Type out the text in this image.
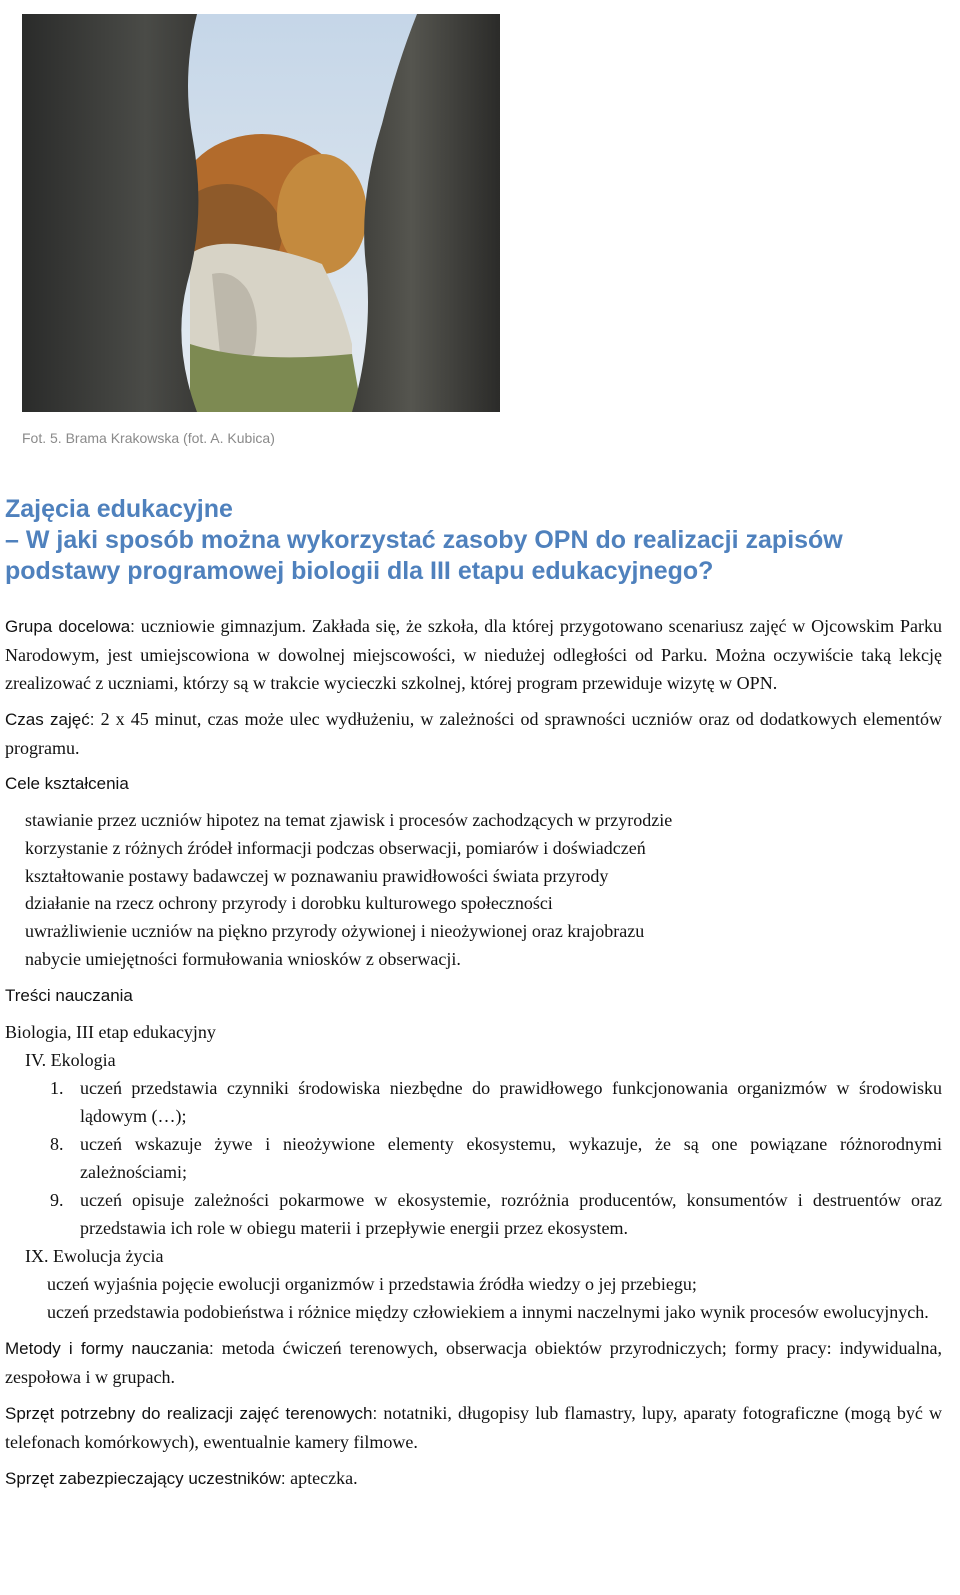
Fot. 5. Brama Krakowska (fot. A. Kubica)
Zajęcia edukacyjne
– W jaki sposób można wykorzystać zasoby OPN do realizacji zapisów
podstawy programowej biologii dla III etapu edukacyjnego?

Grupa docelowa: uczniowie gimnazjum. Zakłada się, że szkoła, dla której przygotowano scenariusz zajęć w Ojcowskim Parku Narodowym, jest umiejscowiona w dowolnej miejscowości, w niedużej odległości od Parku. Można oczywiście taką lekcję zrealizować z uczniami, którzy są w trakcie wycieczki szkolnej, której program przewiduje wizytę w OPN.

Czas zajęć: 2 x 45 minut, czas może ulec wydłużeniu, w zależności od sprawności uczniów oraz od dodatkowych elementów programu.

Cele kształcenia
stawianie przez uczniów hipotez na temat zjawisk i procesów zachodzących w przyrodzie
korzystanie z różnych źródeł informacji podczas obserwacji, pomiarów i doświadczeń
kształtowanie postawy badawczej w poznawaniu prawidłowości świata przyrody
działanie na rzecz ochrony przyrody i dorobku kulturowego społeczności
uwrażliwienie uczniów na piękno przyrody ożywionej i nieożywionej oraz krajobrazu
nabycie umiejętności formułowania wniosków z obserwacji.
Treści nauczania
Biologia, III etap edukacyjny
IV. Ekologia
1. uczeń przedstawia czynniki środowiska niezbędne do prawidłowego funkcjonowania organizmów w środowisku lądowym (…);
8. uczeń wskazuje żywe i nieożywione elementy ekosystemu, wykazuje, że są one powiązane różnorodnymi zależnościami;
9. uczeń opisuje zależności pokarmowe w ekosystemie, rozróżnia producentów, konsumentów i destruentów oraz przedstawia ich role w obiegu materii i przepływie energii przez ekosystem.
IX. Ewolucja życia
uczeń wyjaśnia pojęcie ewolucji organizmów i przedstawia źródła wiedzy o jej przebiegu;
uczeń przedstawia podobieństwa i różnice między człowiekiem a innymi naczelnymi jako wynik procesów ewolucyjnych.

Metody i formy nauczania: metoda ćwiczeń terenowych, obserwacja obiektów przyrodniczych; formy pracy: indywidualna, zespołowa i w grupach.

Sprzęt potrzebny do realizacji zajęć terenowych: notatniki, długopisy lub flamastry, lupy, aparaty fotograficzne (mogą być w telefonach komórkowych), ewentualnie kamery filmowe.

Sprzęt zabezpieczający uczestników: apteczka.
